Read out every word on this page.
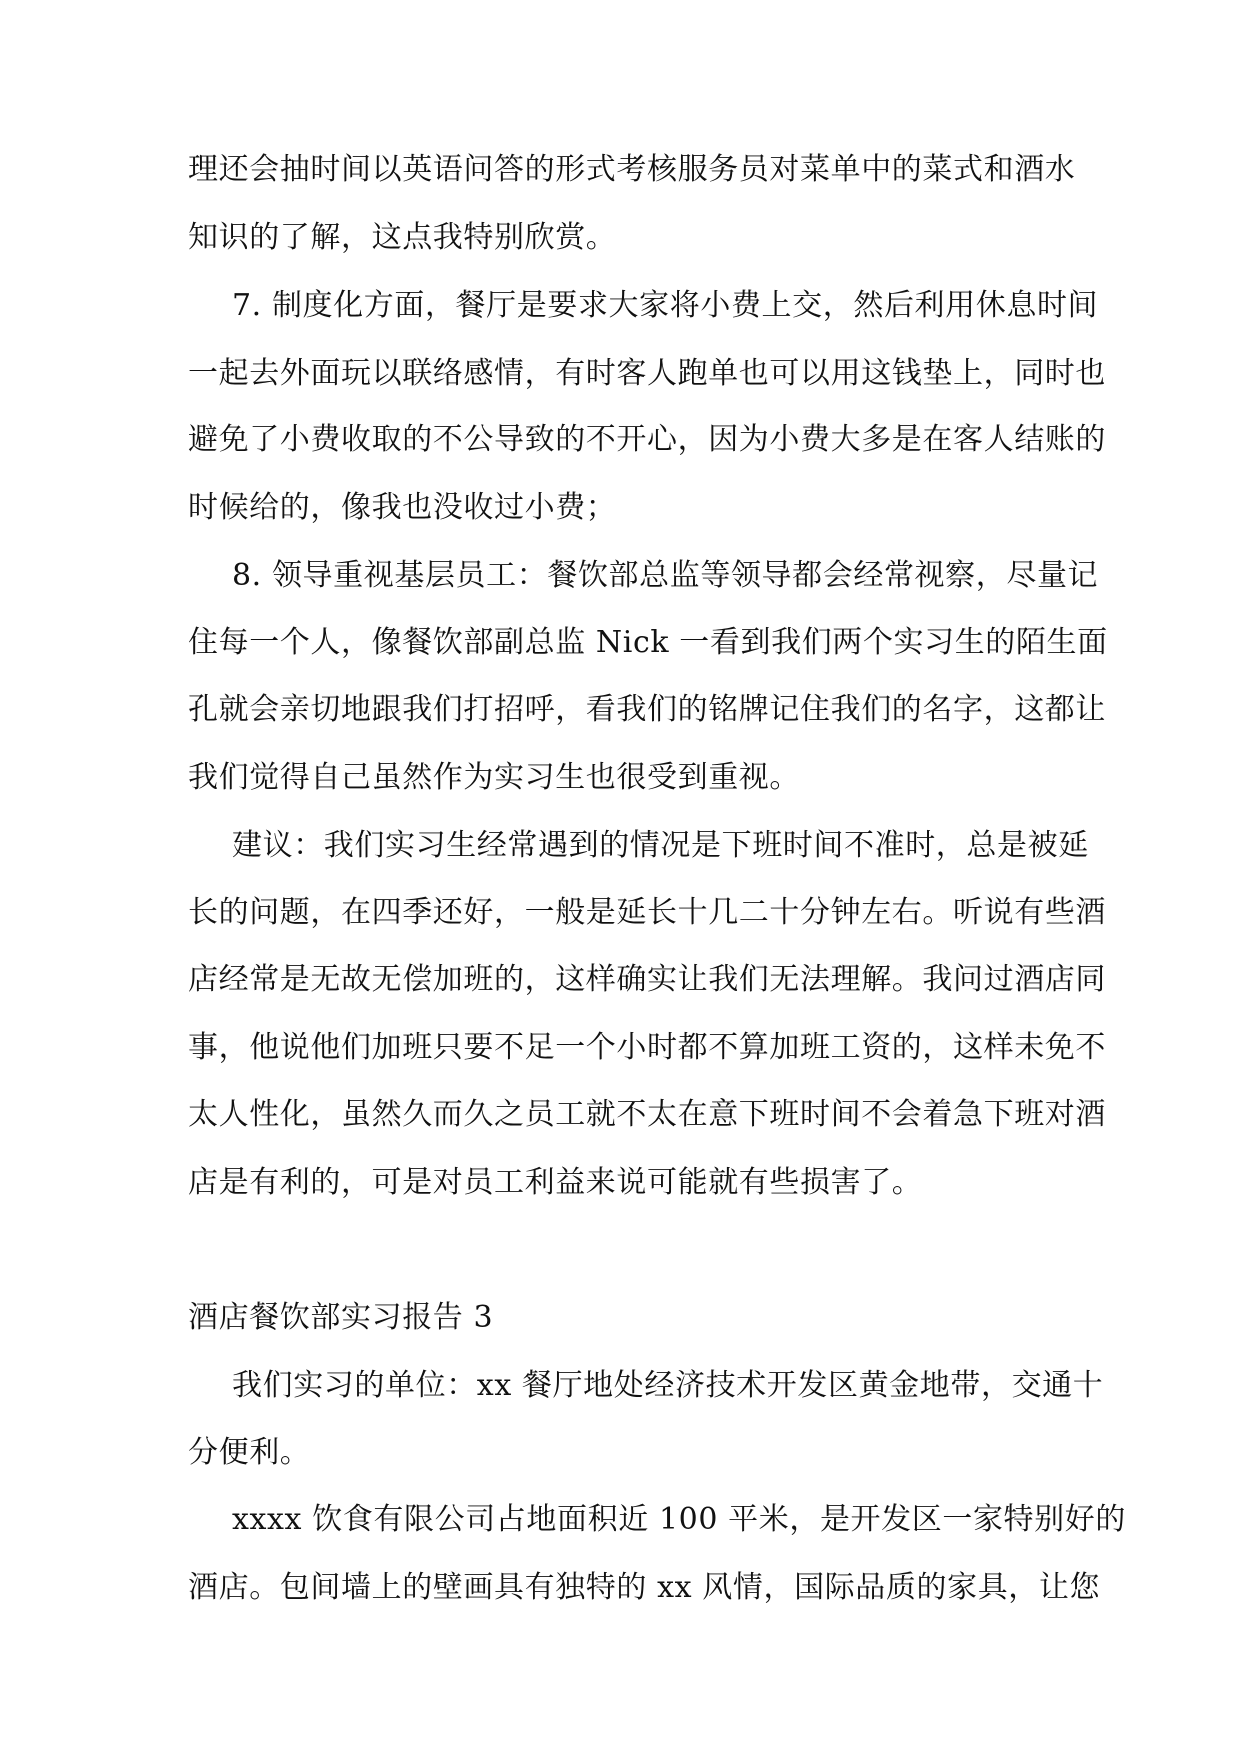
理还会抽时间以英语问答的形式考核服务员对菜单中的菜式和酒水
知识的了解，这点我特别欣赏。
7. 制度化方面，餐厅是要求大家将小费上交，然后利用休息时间
一起去外面玩以联络感情，有时客人跑单也可以用这钱垫上，同时也
避免了小费收取的不公导致的不开心，因为小费大多是在客人结账的
时候给的，像我也没收过小费；
8. 领导重视基层员工：餐饮部总监等领导都会经常视察，尽量记
住每一个人，像餐饮部副总监 Nick 一看到我们两个实习生的陌生面
孔就会亲切地跟我们打招呼，看我们的铭牌记住我们的名字，这都让
我们觉得自己虽然作为实习生也很受到重视。
建议：我们实习生经常遇到的情况是下班时间不准时，总是被延
长的问题，在四季还好，一般是延长十几二十分钟左右。听说有些酒
店经常是无故无偿加班的，这样确实让我们无法理解。我问过酒店同
事，他说他们加班只要不足一个小时都不算加班工资的，这样未免不
太人性化，虽然久而久之员工就不太在意下班时间不会着急下班对酒
店是有利的，可是对员工利益来说可能就有些损害了。
酒店餐饮部实习报告 3
我们实习的单位：xx 餐厅地处经济技术开发区黄金地带，交通十
分便利。
xxxx 饮食有限公司占地面积近 100 平米，是开发区一家特别好的
酒店。包间墙上的壁画具有独特的 xx 风情，国际品质的家具，让您
